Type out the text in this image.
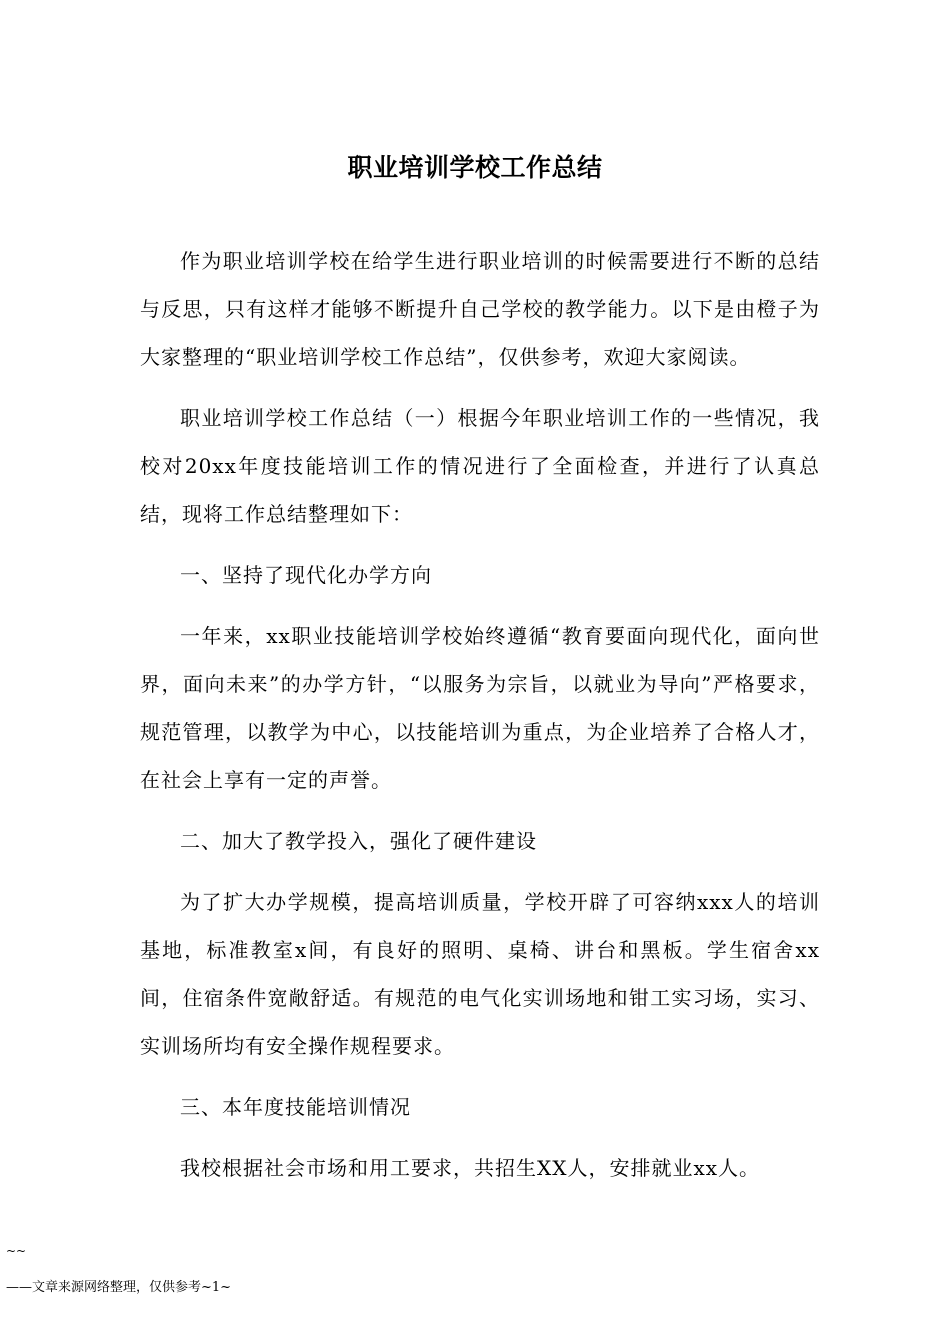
职业培训学校工作总结

作为职业培训学校在给学生进行职业培训的时候需要进行不断的总结与反思，只有这样才能够不断提升自己学校的教学能力。以下是由橙子为大家整理的“职业培训学校工作总结”，仅供参考，欢迎大家阅读。

职业培训学校工作总结（一）根据今年职业培训工作的一些情况，我校对20xx年度技能培训工作的情况进行了全面检查，并进行了认真总结，现将工作总结整理如下：

一、坚持了现代化办学方向

一年来，xx职业技能培训学校始终遵循“教育要面向现代化，面向世界，面向未来”的办学方针，“以服务为宗旨，以就业为导向”严格要求，规范管理，以教学为中心，以技能培训为重点，为企业培养了合格人才，在社会上享有一定的声誉。

二、加大了教学投入，强化了硬件建设

为了扩大办学规模，提高培训质量，学校开辟了可容纳xxx人的培训基地，标准教室x间，有良好的照明、桌椅、讲台和黑板。学生宿舍xx间，住宿条件宽敞舒适。有规范的电气化实训场地和钳工实习场，实习、实训场所均有安全操作规程要求。

三、本年度技能培训情况

我校根据社会市场和用工要求，共招生XX人，安排就业xx人。

~~
——文章来源网络整理，仅供参考~1~
